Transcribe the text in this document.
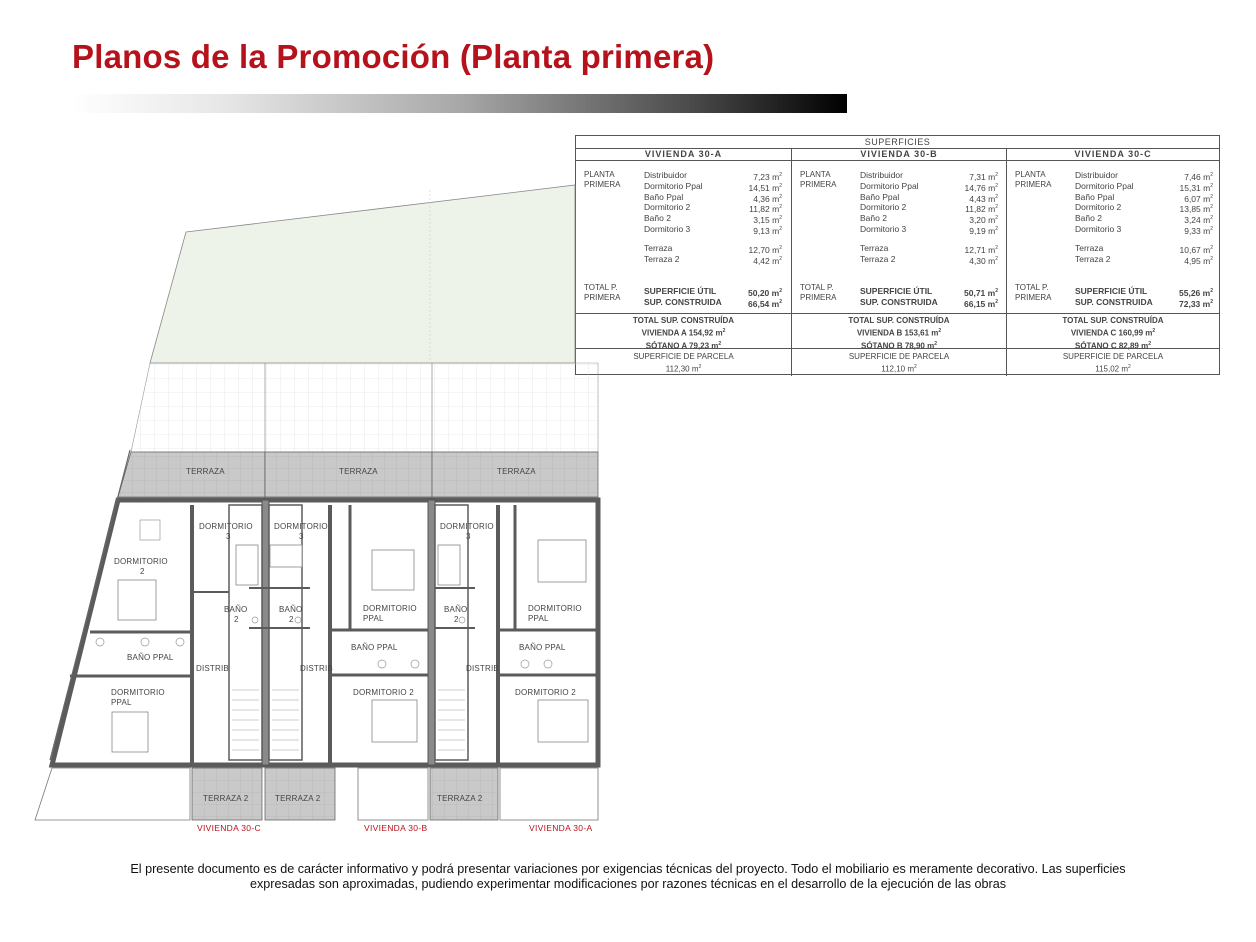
Planos de la Promoción (Planta primera)
SUPERFICIES
VIVIENDA 30-A
PLANTA PRIMERA
Distribuidor	7,23 $m^2$
Dormitorio Ppal	14,51 $m^2$
Baño Ppal	4,36 $m^2$
Dormitorio 2	11,82 $m^2$
Baño 2	3,15 $m^2$
Dormitorio 3	9,13 $m^2$
Terraza	12,70 $m^2$
Terraza 2	4,42 $m^2$
TOTAL P. PRIMERA
SUPERFICIE ÚTIL	50,20 $m^2$
SUP. CONSTRUIDA	66,54 $m^2$
TOTAL SUP. CONSTRUÍDA
VIVIENDA A 154,92 $m^2$
SÓTANO A 79,23 $m^2$
SUPERFICIE DE PARCELA
112,30 $m^2$
VIVIENDA 30-B
PLANTA PRIMERA
Distribuidor	7,31 $m^2$
Dormitorio Ppal	14,76 $m^2$
Baño Ppal	4,43 $m^2$
Dormitorio 2	11,82 $m^2$
Baño 2	3,20 $m^2$
Dormitorio 3	9,19 $m^2$
Terraza	12,71 $m^2$
Terraza 2	4,30 $m^2$
TOTAL P. PRIMERA
SUPERFICIE ÚTIL	50,71 $m^2$
SUP. CONSTRUIDA	66,15 $m^2$
TOTAL SUP. CONSTRUÍDA
VIVIENDA B 153,61 $m^2$
SÓTANO B 78,90 $m^2$
SUPERFICIE DE PARCELA
112,10 $m^2$
VIVIENDA 30-C
PLANTA PRIMERA
Distribuidor	7,46 $m^2$
Dormitorio Ppal	15,31 $m^2$
Baño Ppal	6,07 $m^2$
Dormitorio 2	13,85 $m^2$
Baño 2	3,24 $m^2$
Dormitorio 3	9,33 $m^2$
Terraza	10,67 $m^2$
Terraza 2	4,95 $m^2$
TOTAL P. PRIMERA
SUPERFICIE ÚTIL	55,26 $m^2$
SUP. CONSTRUIDA	72,33 $m^2$
TOTAL SUP. CONSTRUÍDA
VIVIENDA C 160,99 $m^2$
SÓTANO C 82,89 $m^2$
SUPERFICIE DE PARCELA
115,02 $m^2$
TERRAZA	TERRAZA	TERRAZA
DORMITORIO
3
DORMITORIO
3
DORMITORIO
3
DORMITORIO
2
BAÑO
2
BAÑO
2
BAÑO
2
DORMITORIO
PPAL
DORMITORIO
PPAL
BAÑO PPAL
BAÑO PPAL	BAÑO PPAL
DISTRIB	DISTRIB	DISTRIB
DORMITORIO
PPAL
DORMITORIO 2	DORMITORIO 2
TERRAZA 2	TERRAZA 2	TERRAZA 2
VIVIENDA 30-C	VIVIENDA 30-B	VIVIENDA 30-A
El presente documento es de carácter informativo y podrá presentar variaciones por exigencias técnicas del proyecto. Todo el mobiliario es meramente decorativo. Las superficies
expresadas son aproximadas, pudiendo experimentar modificaciones por razones técnicas en el desarrollo de la ejecución de las obras
